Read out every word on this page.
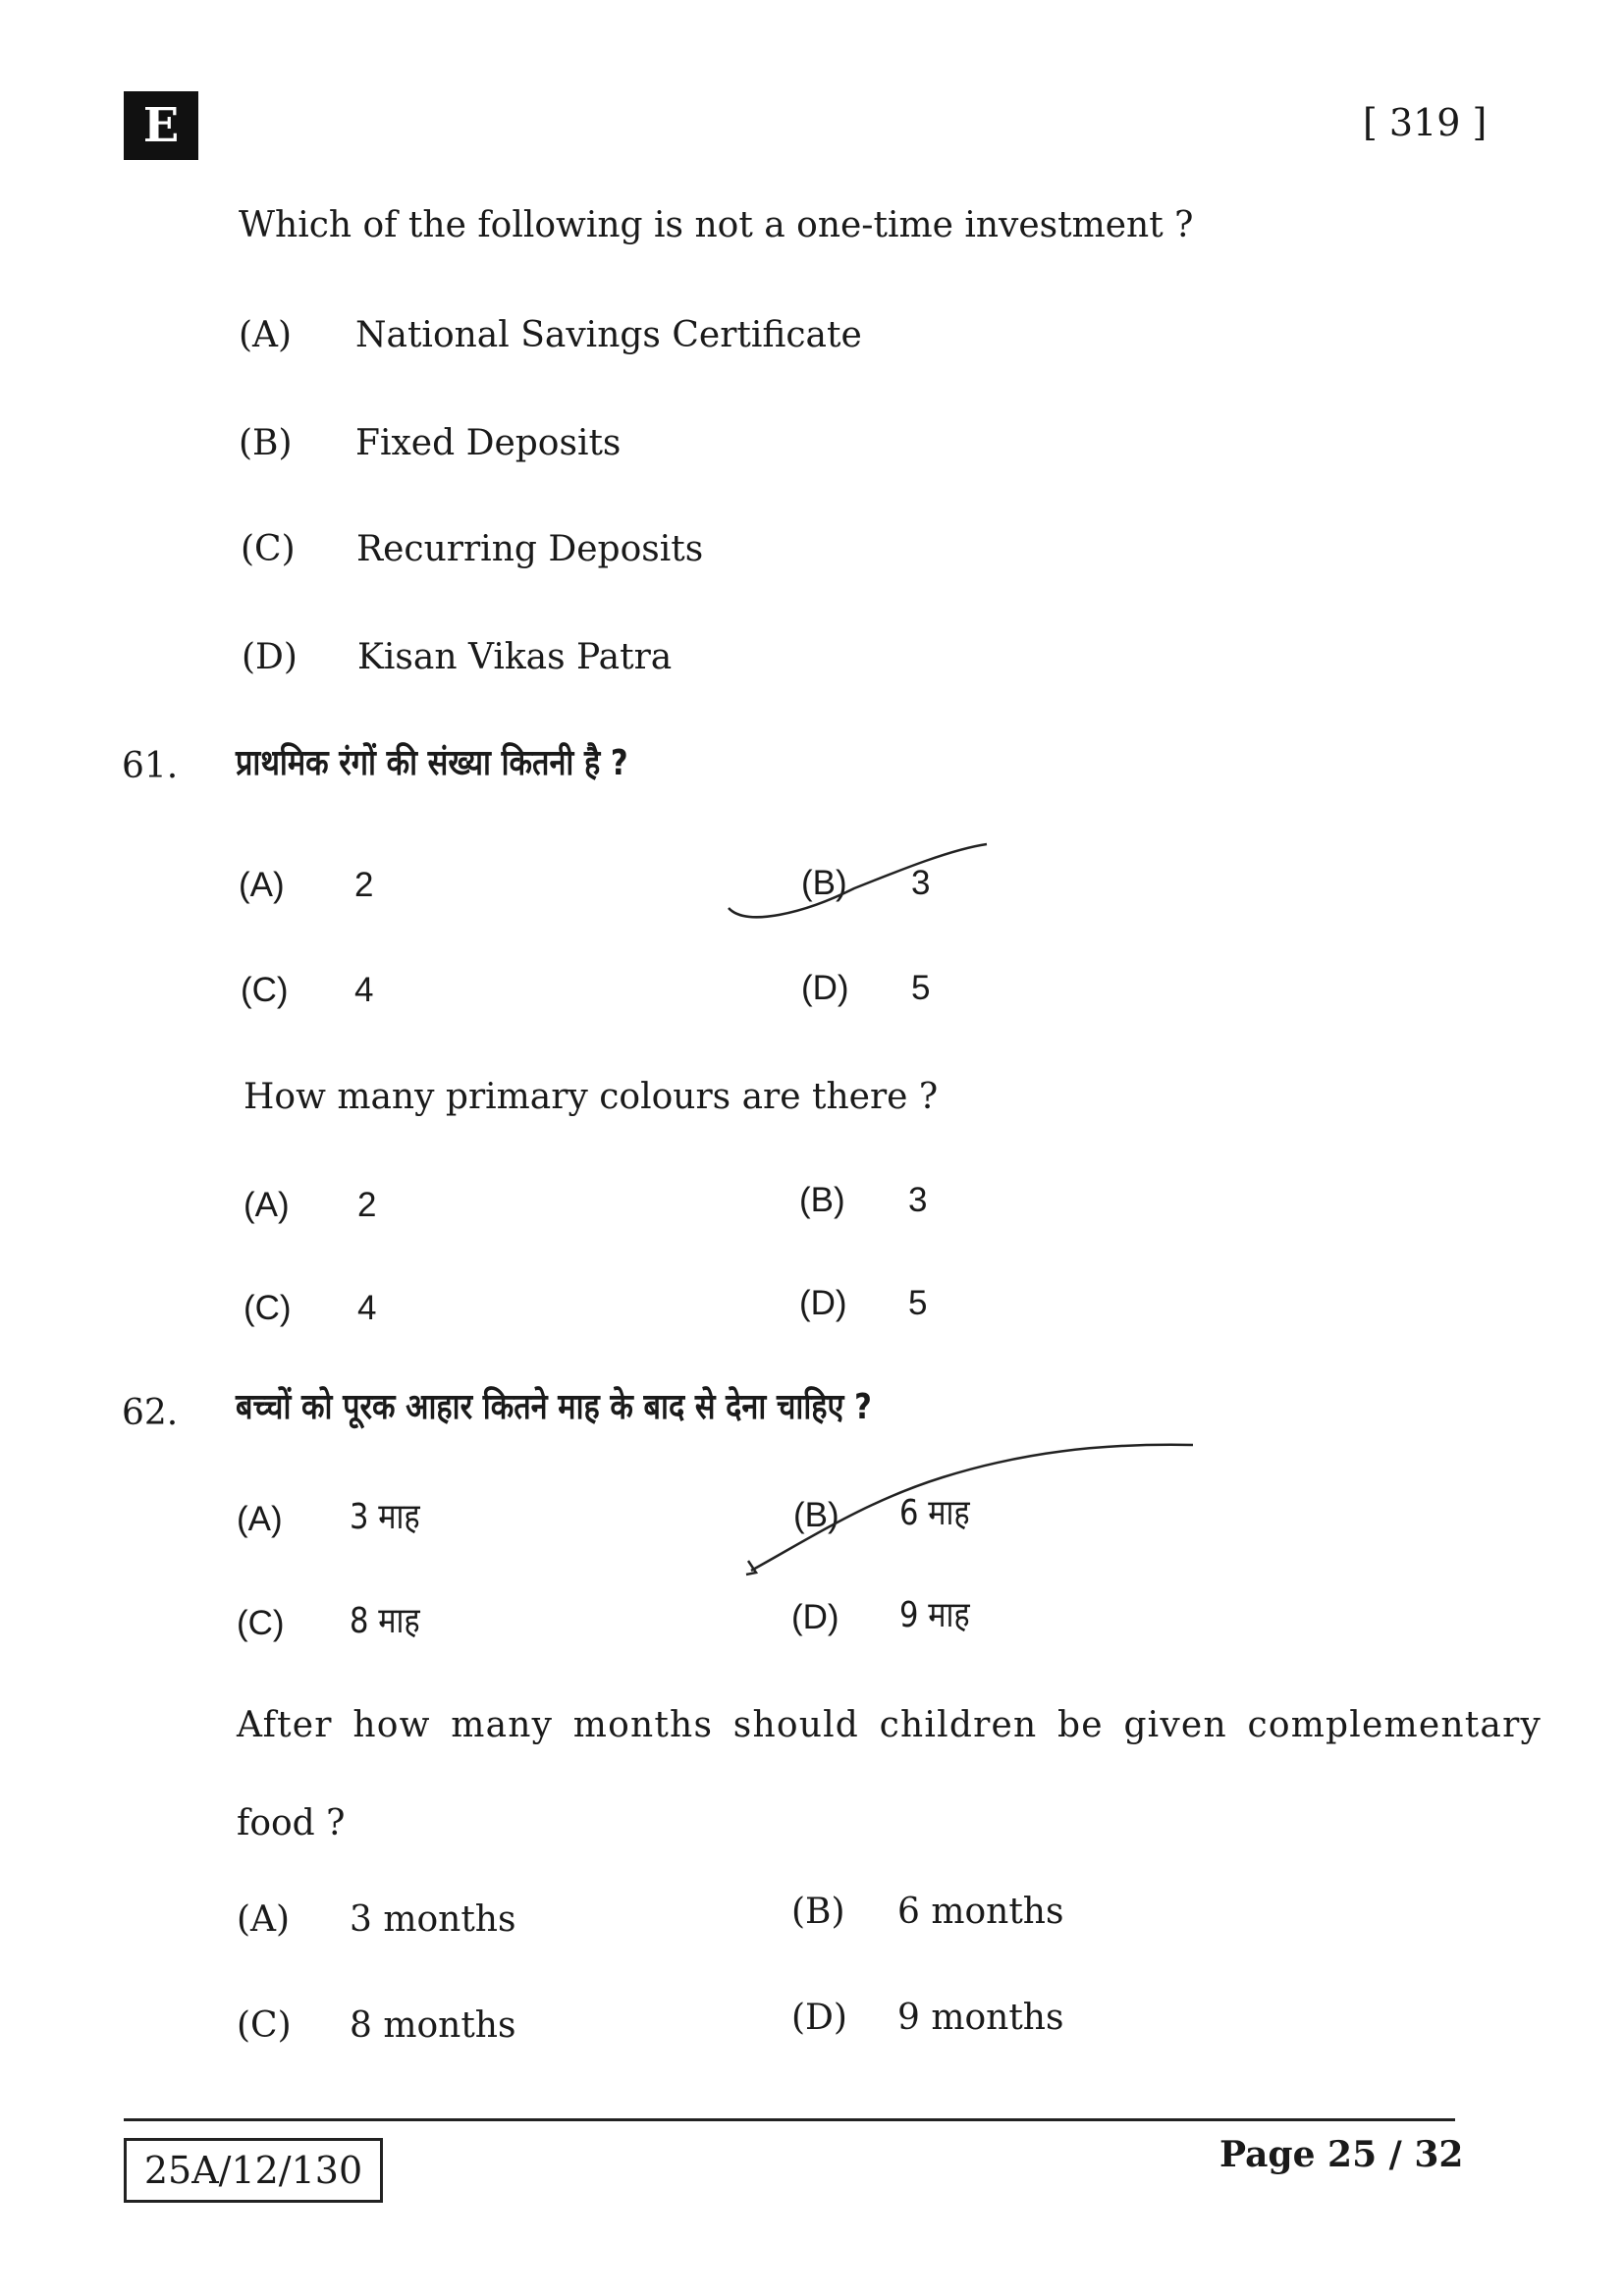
E	[ 319 ]
Which of the following is not a one-time investment ?
(A) National Savings Certificate
(B) Fixed Deposits
(C) Recurring Deposits
(D) Kisan Vikas Patra
61. प्राथमिक रंगों की संख्या कितनी है ?
(A) 2	(B) 3
(C) 4	(D) 5
How many primary colours are there ?
(A) 2	(B) 3
(C) 4	(D) 5
62. बच्चों को पूरक आहार कितने माह के बाद से देना चाहिए ?
(A) 3 माह	(B) 6 माह
(C) 8 माह	(D) 9 माह
After how many months should children be given complementary
food ?
(A) 3 months	(B) 6 months
(C) 8 months	(D) 9 months
25A/12/130	Page 25 / 32
